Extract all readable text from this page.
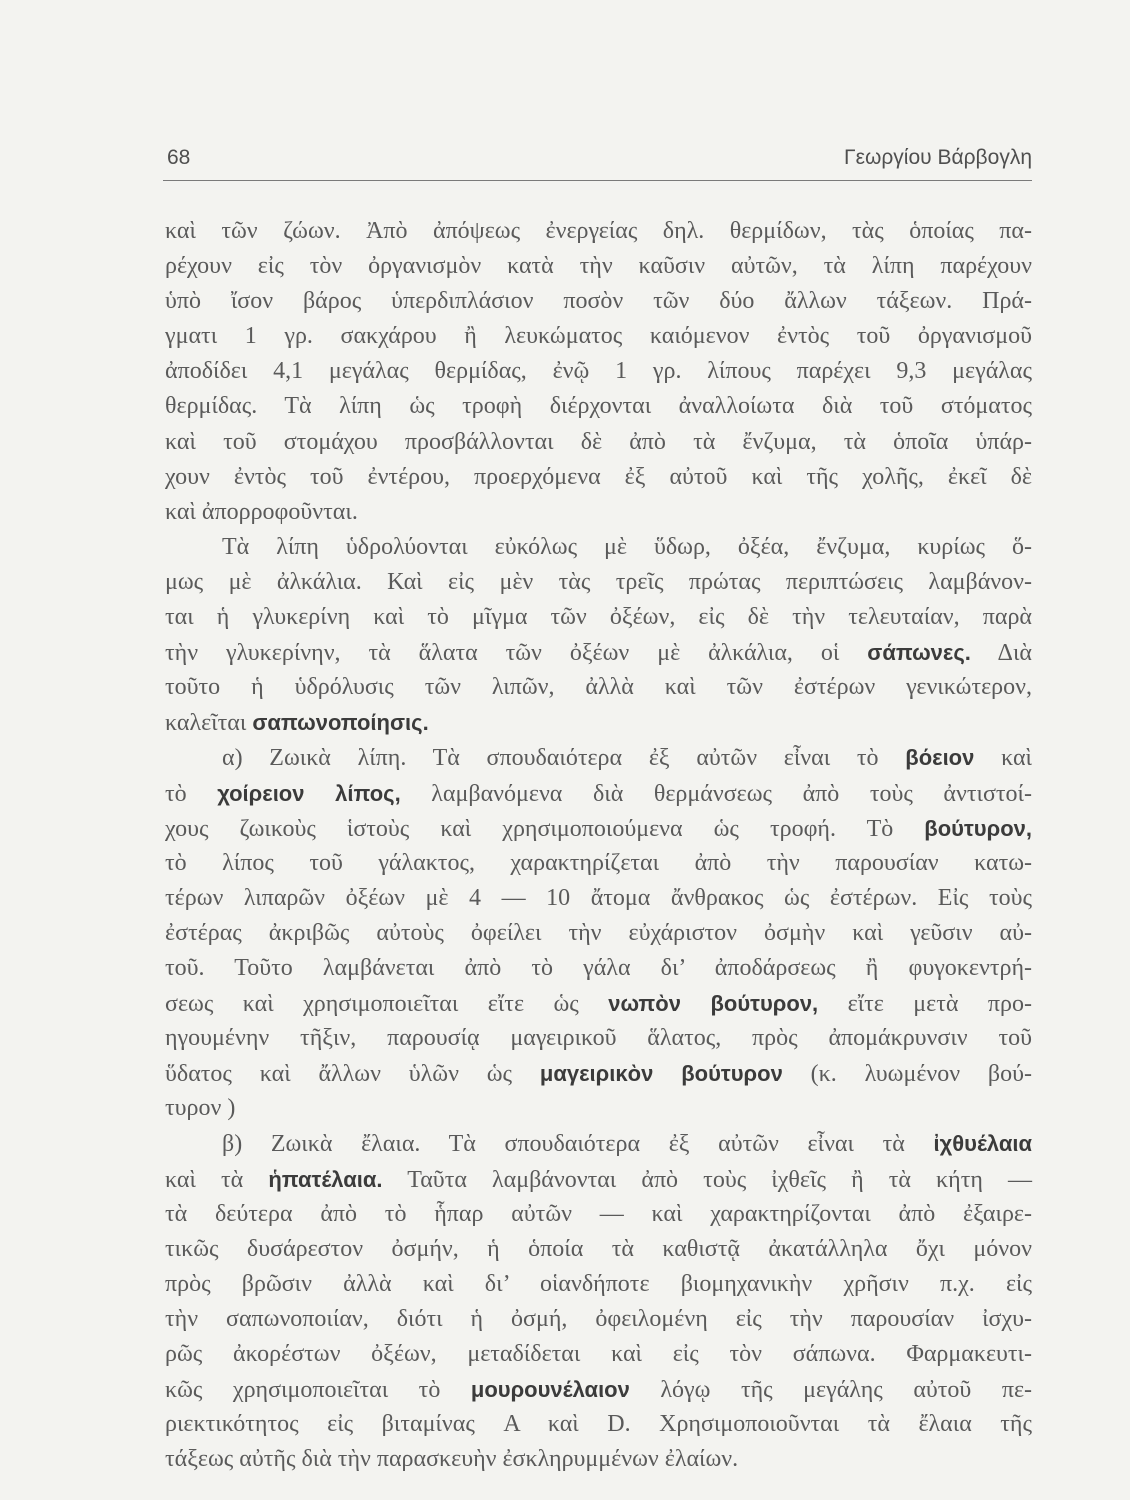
68	Γεωργίου Βάρβογλη
καὶ τῶν ζώων. Ἀπὸ ἀπόψεως ἐνεργείας δηλ. θερμίδων, τὰς ὁποίας πα-
ρέχουν εἰς τὸν ὀργανισμὸν κατὰ τὴν καῦσιν αὐτῶν, τὰ λίπη παρέχουν
ὑπὸ ἴσον βάρος ὑπερδιπλάσιον ποσὸν τῶν δύο ἄλλων τάξεων. Πρά-
γματι 1 γρ. σακχάρου ἢ λευκώματος καιόμενον ἐντὸς τοῦ ὀργανισμοῦ
ἀποδίδει 4,1 μεγάλας θερμίδας, ἐνῷ 1 γρ. λίπους παρέχει 9,3 μεγάλας
θερμίδας. Τὰ λίπη ὡς τροφὴ διέρχονται ἀναλλοίωτα διὰ τοῦ στόματος
καὶ τοῦ στομάχου προσβάλλονται δὲ ἀπὸ τὰ ἔνζυμα, τὰ ὁποῖα ὑπάρ-
χουν ἐντὸς τοῦ ἐντέρου, προερχόμενα ἐξ αὐτοῦ καὶ τῆς χολῆς, ἐκεῖ δὲ
καὶ ἀπορροφοῦνται.
Τὰ λίπη ὑδρολύονται εὐκόλως μὲ ὕδωρ, ὀξέα, ἔνζυμα, κυρίως ὅ-
μως μὲ ἀλκάλια. Καὶ εἰς μὲν τὰς τρεῖς πρώτας περιπτώσεις λαμβάνον-
ται ἡ γλυκερίνη καὶ τὸ μῖγμα τῶν ὀξέων, εἰς δὲ τὴν τελευταίαν, παρὰ
τὴν γλυκερίνην, τὰ ἅλατα τῶν ὀξέων μὲ ἀλκάλια, οἱ σάπωνες. Διὰ
τοῦτο ἡ ὑδρόλυσις τῶν λιπῶν, ἀλλὰ καὶ τῶν ἐστέρων γενικώτερον,
καλεῖται σαπωνοποίησις.
α) Ζωικὰ λίπη. Τὰ σπουδαιότερα ἐξ αὐτῶν εἶναι τὸ βόειον καὶ
τὸ χοίρειον λίπος, λαμβανόμενα διὰ θερμάνσεως ἀπὸ τοὺς ἀντιστοί-
χους ζωικοὺς ἱστοὺς καὶ χρησιμοποιούμενα ὡς τροφή. Τὸ βούτυρον,
τὸ λίπος τοῦ γάλακτος, χαρακτηρίζεται ἀπὸ τὴν παρουσίαν κατω-
τέρων λιπαρῶν ὀξέων μὲ 4 — 10 ἄτομα ἄνθρακος ὡς ἐστέρων. Εἰς τοὺς
ἐστέρας ἀκριβῶς αὐτοὺς ὀφείλει τὴν εὐχάριστον ὀσμὴν καὶ γεῦσιν αὐ-
τοῦ. Τοῦτο λαμβάνεται ἀπὸ τὸ γάλα δι’ ἀποδάρσεως ἢ φυγοκεντρή-
σεως καὶ χρησιμοποιεῖται εἴτε ὡς νωπὸν βούτυρον, εἴτε μετὰ προ-
ηγουμένην τῆξιν, παρουσίᾳ μαγειρικοῦ ἅλατος, πρὸς ἀπομάκρυνσιν τοῦ
ὕδατος καὶ ἄλλων ὑλῶν ὡς μαγειρικὸν βούτυρον (κ. λυωμένον βού-
τυρον )
β) Ζωικὰ ἔλαια. Τὰ σπουδαιότερα ἐξ αὐτῶν εἶναι τὰ ἰχθυέλαια
καὶ τὰ ἡπατέλαια. Ταῦτα λαμβάνονται ἀπὸ τοὺς ἰχθεῖς ἢ τὰ κήτη —
τὰ δεύτερα ἀπὸ τὸ ἧπαρ αὐτῶν — καὶ χαρακτηρίζονται ἀπὸ ἐξαιρε-
τικῶς δυσάρεστον ὀσμήν, ἡ ὁποία τὰ καθιστᾷ ἀκατάλληλα ὄχι μόνον
πρὸς βρῶσιν ἀλλὰ καὶ δι’ οἱανδήποτε βιομηχανικὴν χρῆσιν π.χ. εἰς
τὴν σαπωνοποιίαν, διότι ἡ ὀσμή, ὀφειλομένη εἰς τὴν παρουσίαν ἰσχυ-
ρῶς ἀκορέστων ὀξέων, μεταδίδεται καὶ εἰς τὸν σάπωνα. Φαρμακευτι-
κῶς χρησιμοποιεῖται τὸ μουρουνέλαιον λόγῳ τῆς μεγάλης αὐτοῦ πε-
ριεκτικότητος εἰς βιταμίνας A καὶ D. Χρησιμοποιοῦνται τὰ ἔλαια τῆς
τάξεως αὐτῆς διὰ τὴν παρασκευὴν ἐσκληρυμμένων ἐλαίων.
